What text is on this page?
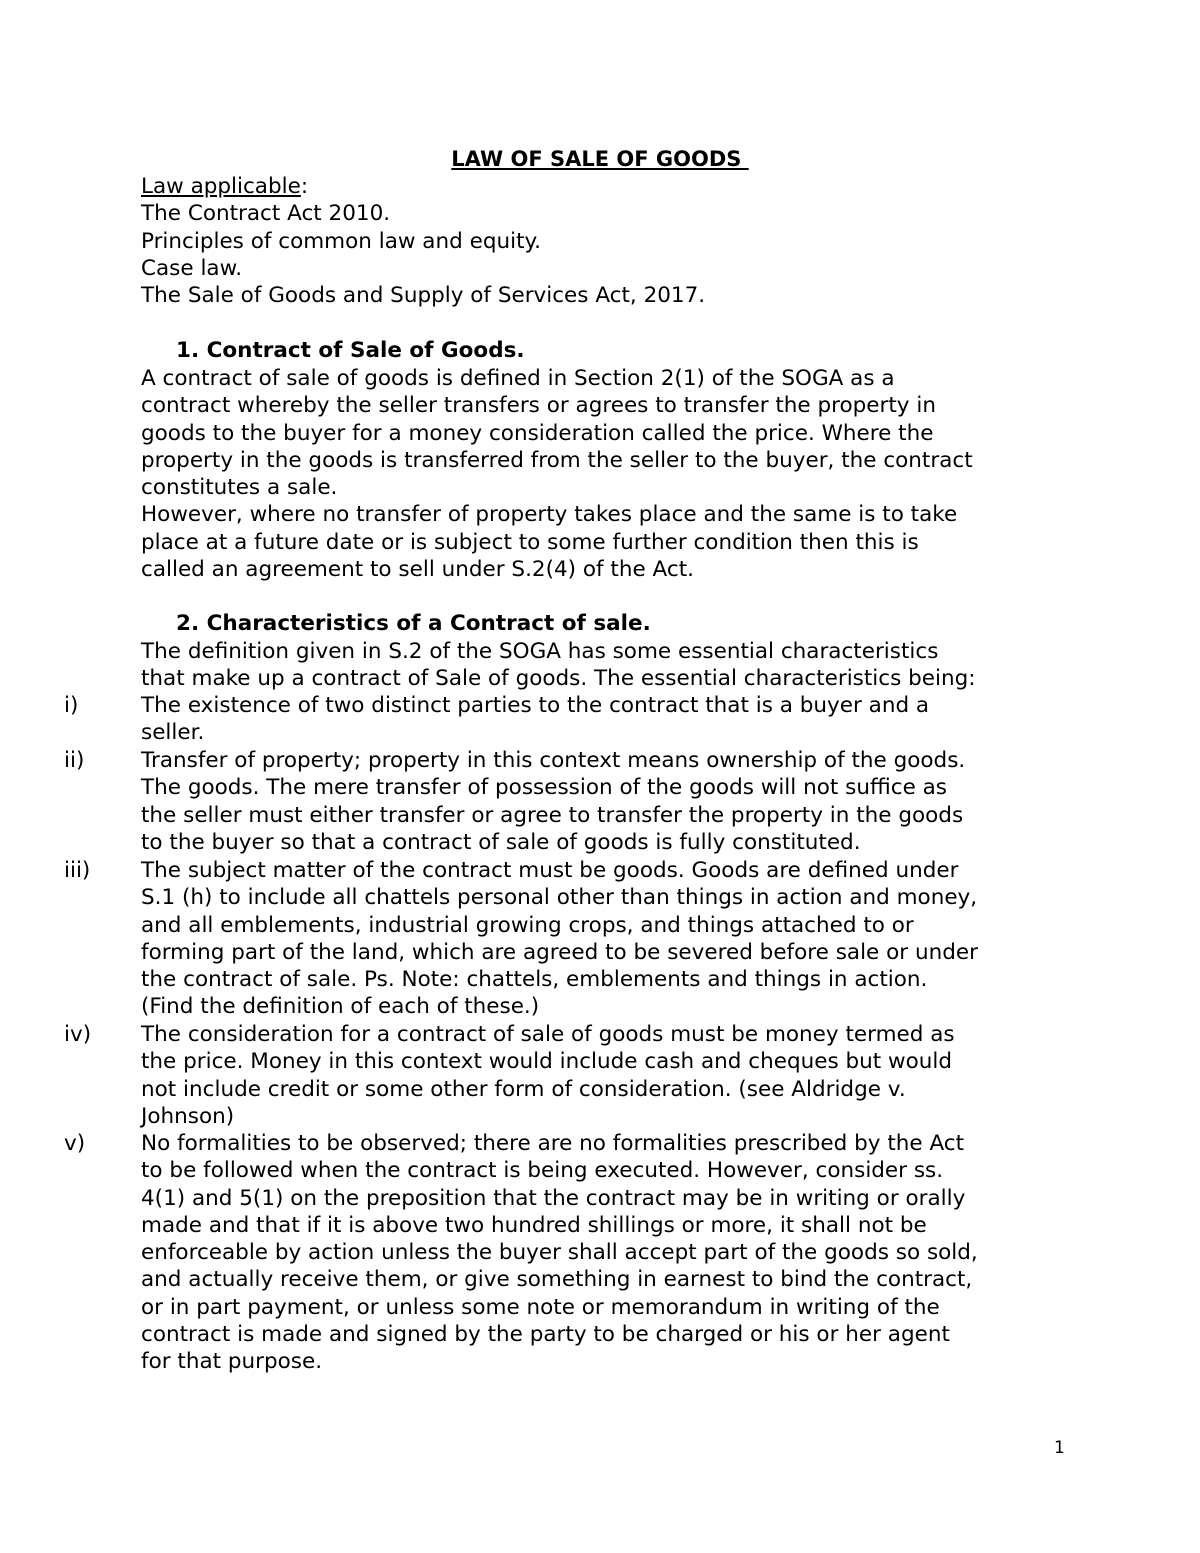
LAW OF SALE OF GOODS
Law applicable:
The Contract Act 2010.
Principles of common law and equity.
Case law.
The Sale of Goods and Supply of Services Act, 2017.
1. Contract of Sale of Goods.
A contract of sale of goods is defined in Section 2(1) of the SOGA as a
contract whereby the seller transfers or agrees to transfer the property in
goods to the buyer for a money consideration called the price. Where the
property in the goods is transferred from the seller to the buyer, the contract
constitutes a sale.
However, where no transfer of property takes place and the same is to take
place at a future date or is subject to some further condition then this is
called an agreement to sell under S.2(4) of the Act.
2. Characteristics of a Contract of sale.
The definition given in S.2 of the SOGA has some essential characteristics
that make up a contract of Sale of goods. The essential characteristics being:
i)	The existence of two distinct parties to the contract that is a buyer and a
seller.
ii)	Transfer of property; property in this context means ownership of the goods.
The goods. The mere transfer of possession of the goods will not suffice as
the seller must either transfer or agree to transfer the property in the goods
to the buyer so that a contract of sale of goods is fully constituted.
iii) The subject matter of the contract must be goods. Goods are defined under
S.1 (h) to include all chattels personal other than things in action and money,
and all emblements, industrial growing crops, and things attached to or
forming part of the land, which are agreed to be severed before sale or under
the contract of sale. Ps. Note: chattels, emblements and things in action.
(Find the definition of each of these.)
iv) The consideration for a contract of sale of goods must be money termed as
the price. Money in this context would include cash and cheques but would
not include credit or some other form of consideration. (see Aldridge v.
Johnson)
v)	No formalities to be observed; there are no formalities prescribed by the Act
to be followed when the contract is being executed. However, consider ss.
4(1) and 5(1) on the preposition that the contract may be in writing or orally
made and that if it is above two hundred shillings or more, it shall not be
enforceable by action unless the buyer shall accept part of the goods so sold,
and actually receive them, or give something in earnest to bind the contract,
or in part payment, or unless some note or memorandum in writing of the
contract is made and signed by the party to be charged or his or her agent
for that purpose.
1
